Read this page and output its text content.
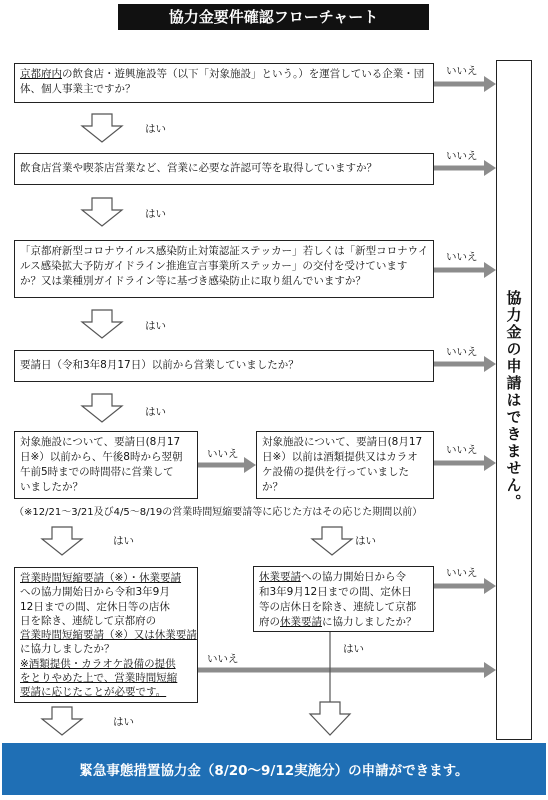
協力金要件確認フローチャート
京都府内の飲食店・遊興施設等（以下「対象施設」という。）を運営している企業・団
体、個人事業主ですか？
飲食店営業や喫茶店営業など、営業に必要な許認可等を取得していますか？
「京都府新型コロナウイルス感染防止対策認証ステッカー」若しくは「新型コロナウイ
ルス感染拡大予防ガイドライン推進宣言事業所ステッカー」の交付を受けています
か？又は業種別ガイドライン等に基づき感染防止に取り組んでいますか？
要請日（令和3年8月17日）以前から営業していましたか？
対象施設について、要請日(8月17
日※）以前から、午後8時から翌朝
午前5時までの時間帯に営業して
いましたか？
対象施設について、要請日(8月17
日※）以前は酒類提供又はカラオ
ケ設備の提供を行っていました
か？
（※12/21～3/21及び4/5～8/19の営業時間短縮要請等に応じた方はその応じた期間以前）
営業時間短縮要請（※）・休業要請
への協力開始日から令和3年9月
12日までの間、定休日等の店休
日を除き、連続して京都府の
営業時間短縮要請（※）又は休業要請
に協力しましたか？
※酒類提供・カラオケ設備の提供
をとりやめた上で、営業時間短縮
要請に応じたことが必要です。
休業要請への協力開始日から令
和3年9月12日までの間、定休日
等の店休日を除き、連続して京都
府の休業要請に協力しましたか？
はい
はい
はい
はい
はい	はい
はい
はい
いいえ
いいえ
いいえ
いいえ
いいえ
いいえ
いいえ
いいえ
協力金の申請はできません。
緊急事態措置協力金（8/20～9/12実施分）の申請ができます。
